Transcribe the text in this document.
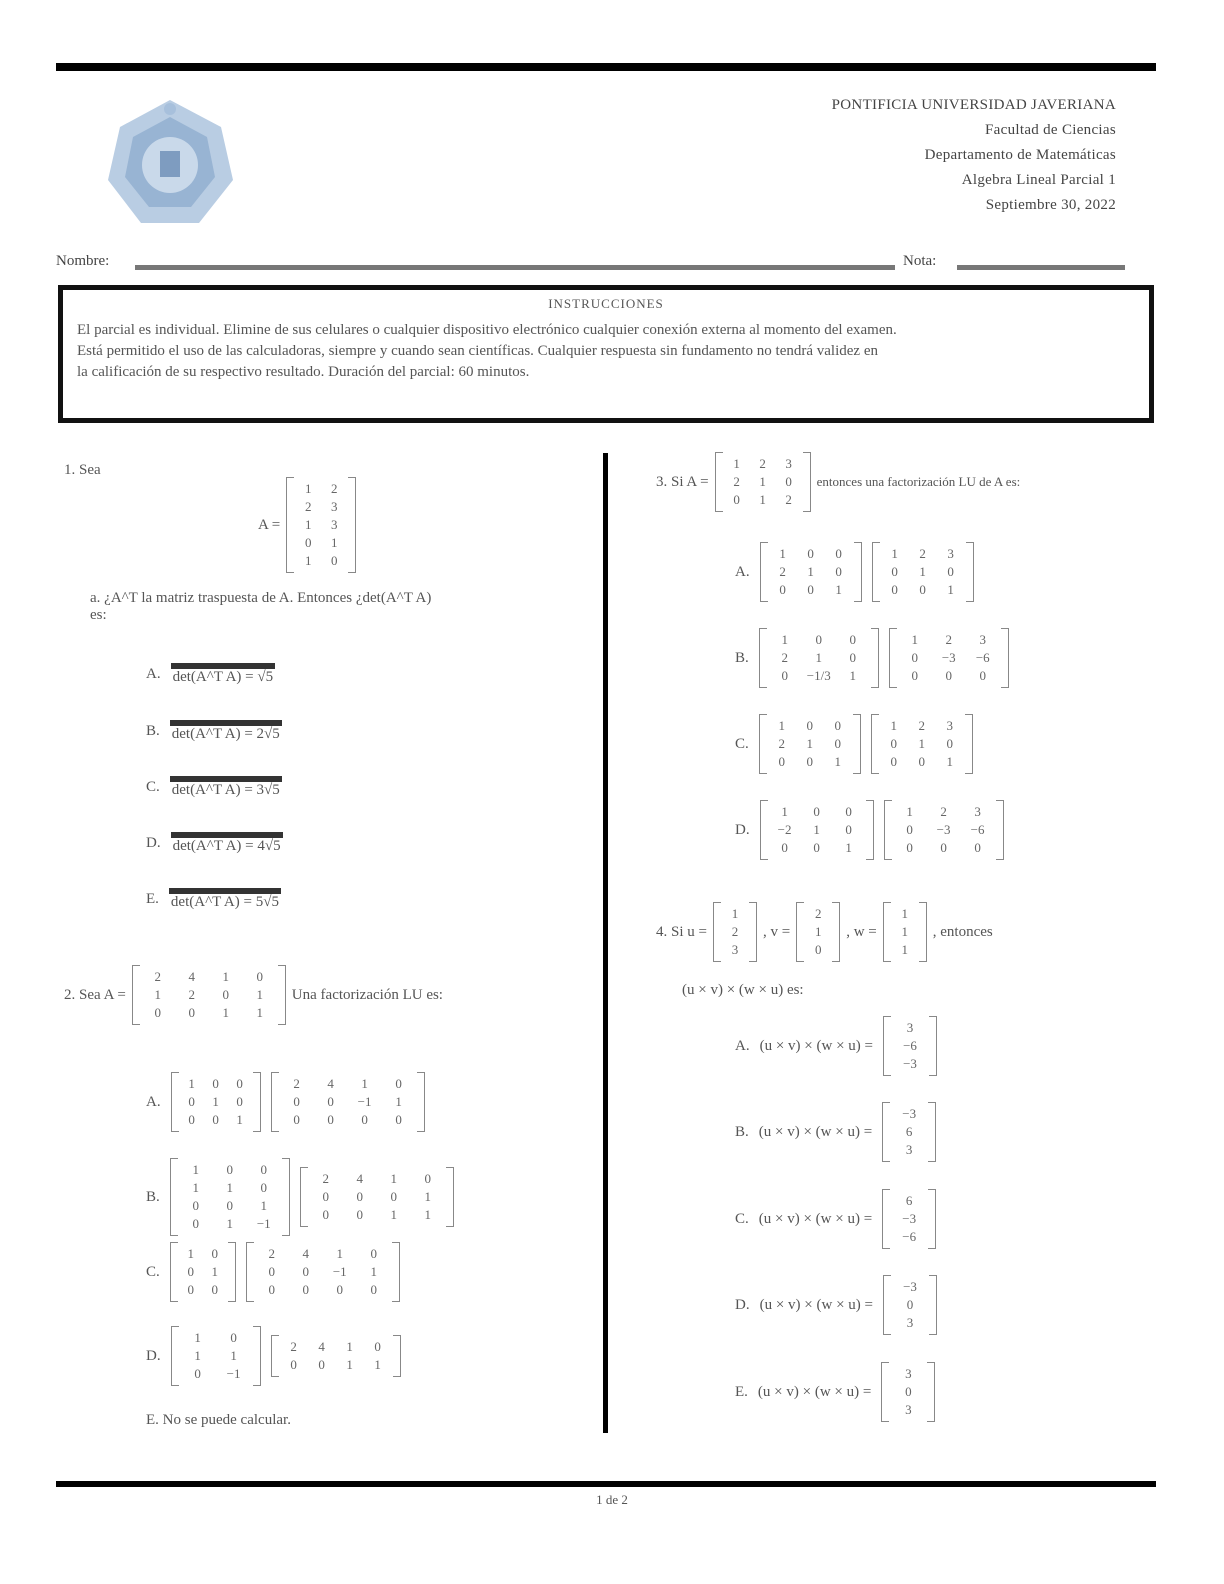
PONTIFICIA UNIVERSIDAD JAVERIANA
Facultad de Ciencias
Departamento de Matemáticas
Algebra Lineal Parcial 1
Septiembre 30, 2022
Nombre:	Nota:
INSTRUCCIONES
El parcial es individual. Elimine de sus celulares o cualquier dispositivo electrónico cualquier conexión externa al momento del examen.
Está permitido el uso de las calculadoras, siempre y cuando sean científicas. Cualquier respuesta sin fundamento no tendrá validez en
la calificación de su respectivo resultado. Duración del parcial: 60 minutos.
1. Sea
A =
1	2
2	3
1	3
0	1
1	0
a. ¿A^T la matriz traspuesta de A. Entonces ¿det(A^T A)
es:
A. det(A^T A) = √5
B. det(A^T A) = 2√5
C. det(A^T A) = 3√5
D. det(A^T A) = 4√5
E. det(A^T A) = 5√5
2. Sea A =
2	4	1	0
1	2	0	1
0	0	1	1
Una factorización LU es:
A.
1 0 0
0 1 0
0 0 1
2	4	1	0
0	0	−1	1
0	0	0	0
B.
1	0	0
1	1	0
0	0	1
0	1	−1
2	4	1	0
0	0	0	1
0	0	1	1
C.
1 0
0 1
0 0
2	4	1	0
0	0	−1	1
0	0	0	0
D.
1	0
1	1
0	−1
2	4	1	0
0	0	1	1
E. No se puede calcular.
3. Si A =
1	2	3
2	1	0
0	1	2
entonces una factorización LU de A es:
A.
1	0	0
2	1	0
0	0	1
1	2	3
0	1	0
0	0	1
B.
1	0	0
2	1	0
0	−1/3	1
1	2	3
0	−3	−6
0	0	0
C.
1	0	0
2	1	0
0	0	1
1	2	3
0	1	0
0	0	1
D.
1	0	0
−2	1	0
0	0	1
1	2	3
0	−3	−6
0	0	0
4. Si u =
1
2
3
, v =
2
1
0
, w =
1
1
1
, entonces
(u × v) × (w × u) es:
A. (u × v) × (w × u) =
3
−6
−3
B. (u × v) × (w × u) =
−3
6
3
C. (u × v) × (w × u) =
6
−3
−6
D. (u × v) × (w × u) =
−3
0
3
E. (u × v) × (w × u) =
3
0
3
1 de 2
